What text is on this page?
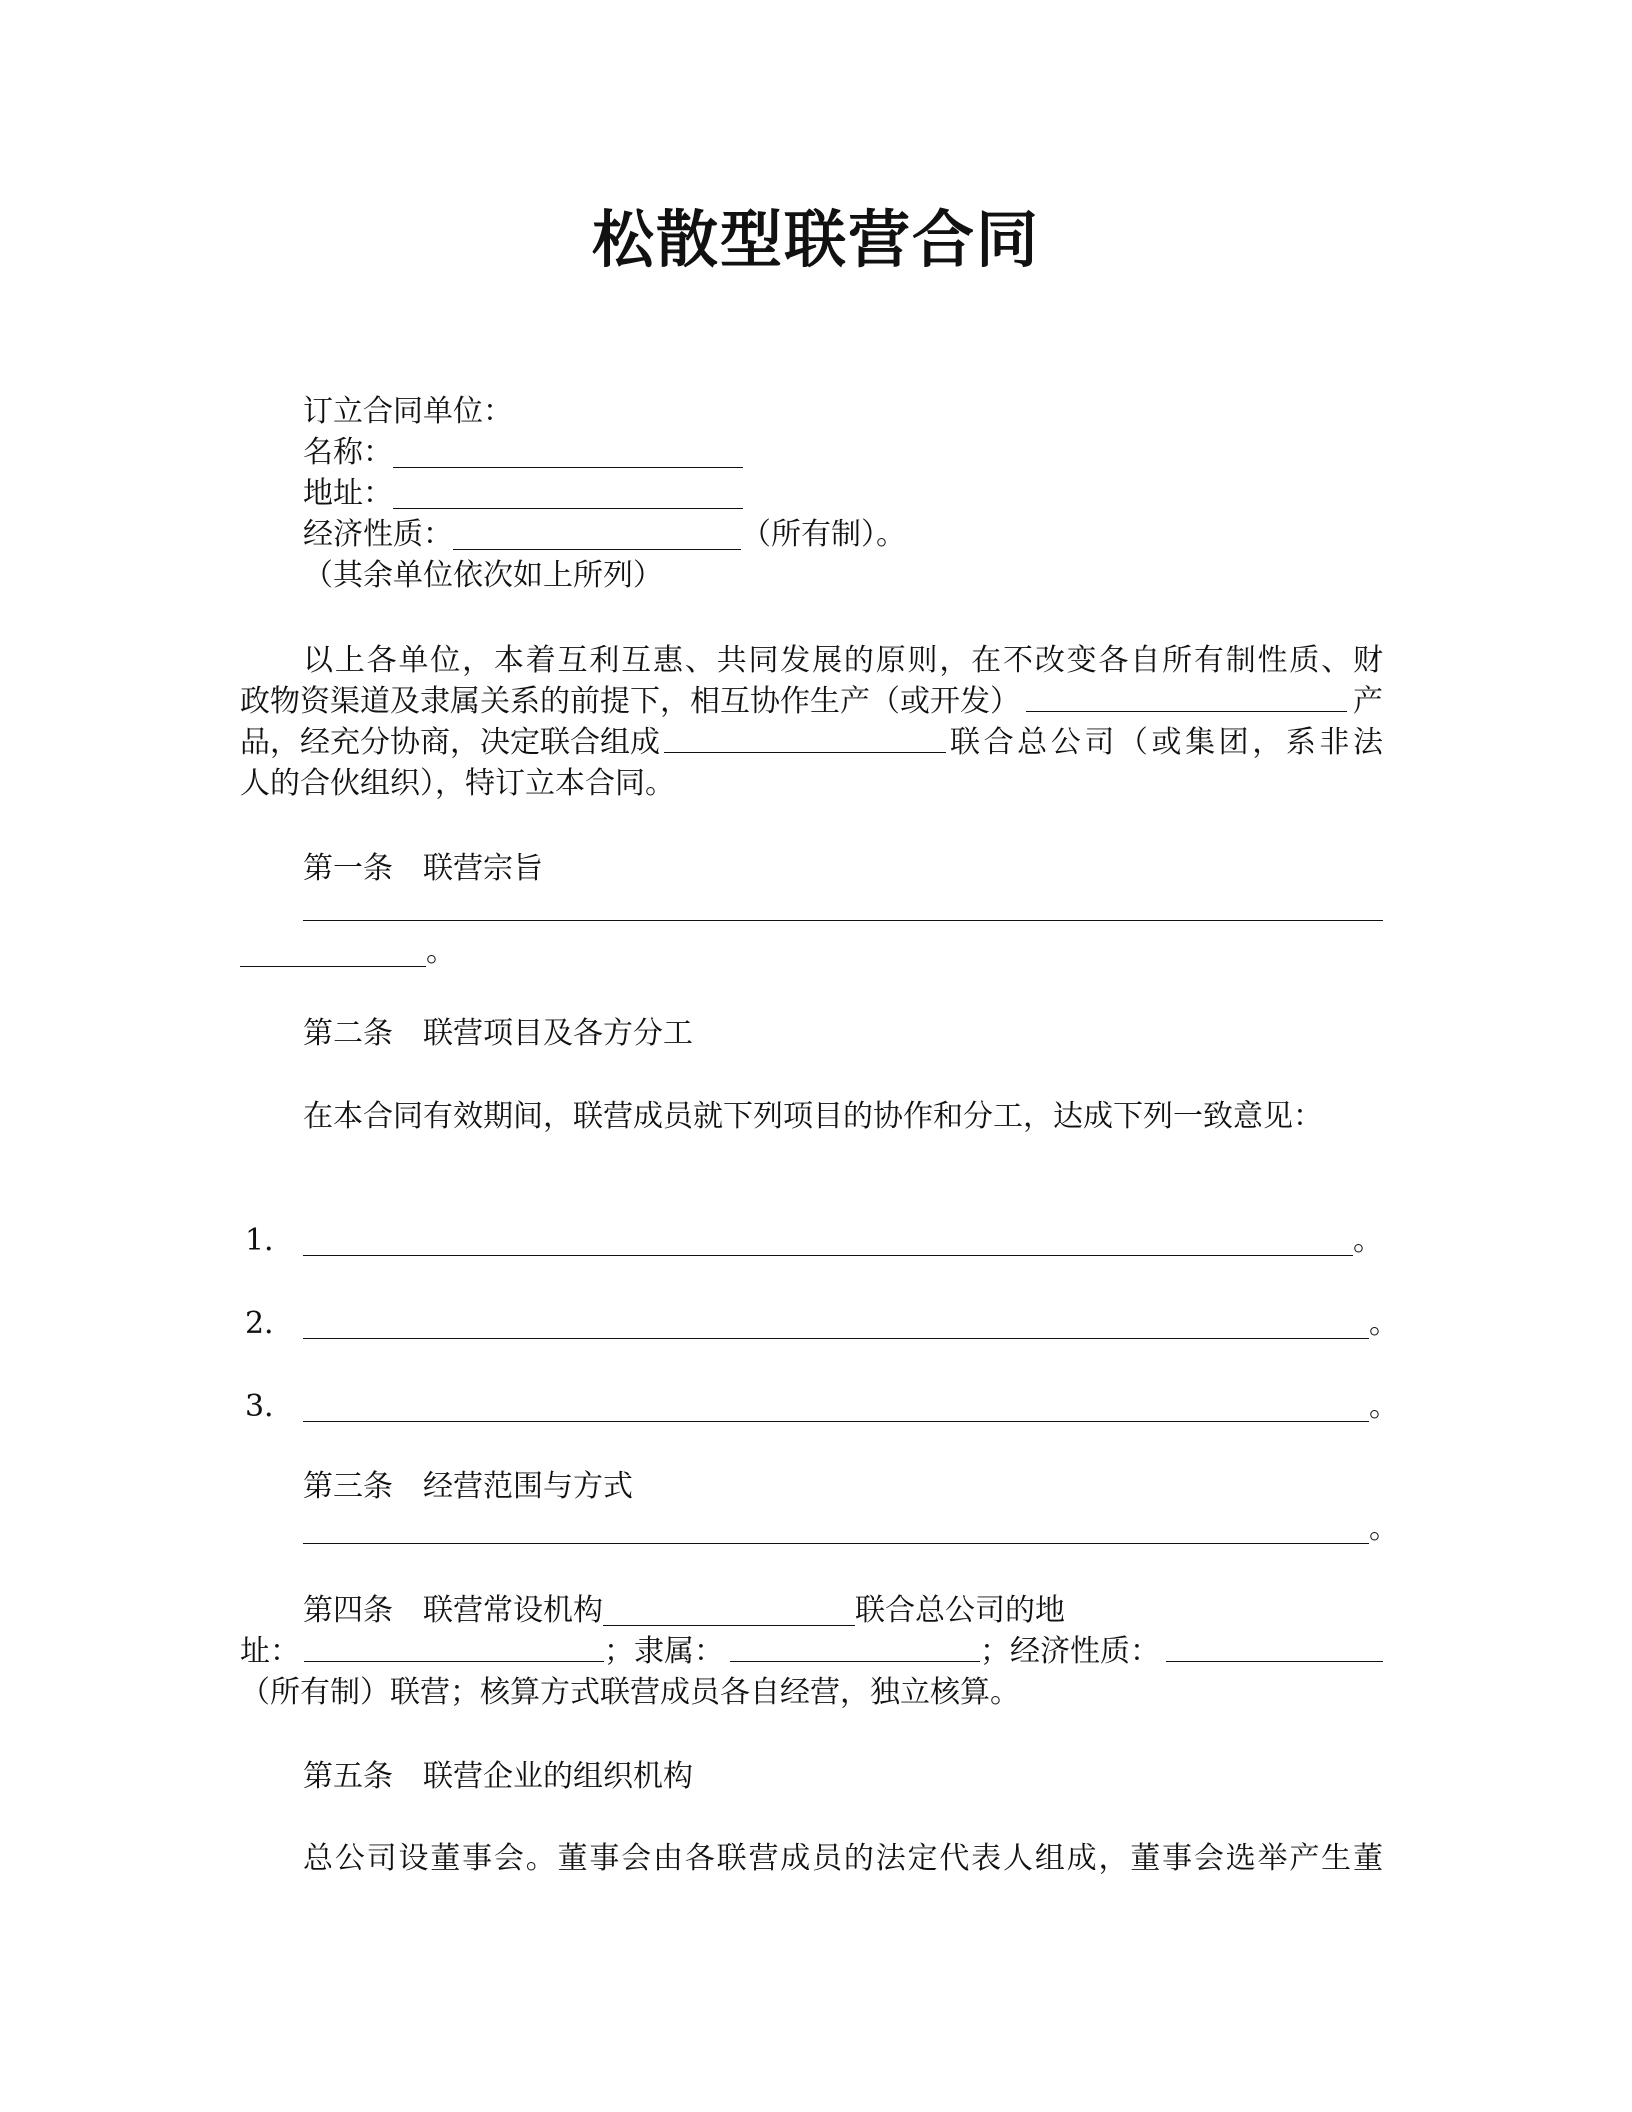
松散型联营合同
订立合同单位：
名称：
地址：
经济性质：	（所有制）。
（其余单位依次如上所列）
以上各单位，本着互利互惠、共同发展的原则，在不改变各自所有制性质、财
政物资渠道及隶属关系的前提下，相互协作生产（或开发）	产
品，经充分协商，决定联合组成	联合总公司（或集团，系非法
人的合伙组织），特订立本合同。
第一条　联营宗旨
。
第二条　联营项目及各方分工
在本合同有效期间，联营成员就下列项目的协作和分工，达成下列一致意见：
1．	。
2．	。
3．	。
第三条　经营范围与方式
。
第四条　联营常设机构	联合总公司的地
址：	；隶属：	；经济性质：
（所有制）联营；核算方式联营成员各自经营，独立核算。
第五条　联营企业的组织机构
总公司设董事会。董事会由各联营成员的法定代表人组成，董事会选举产生董
